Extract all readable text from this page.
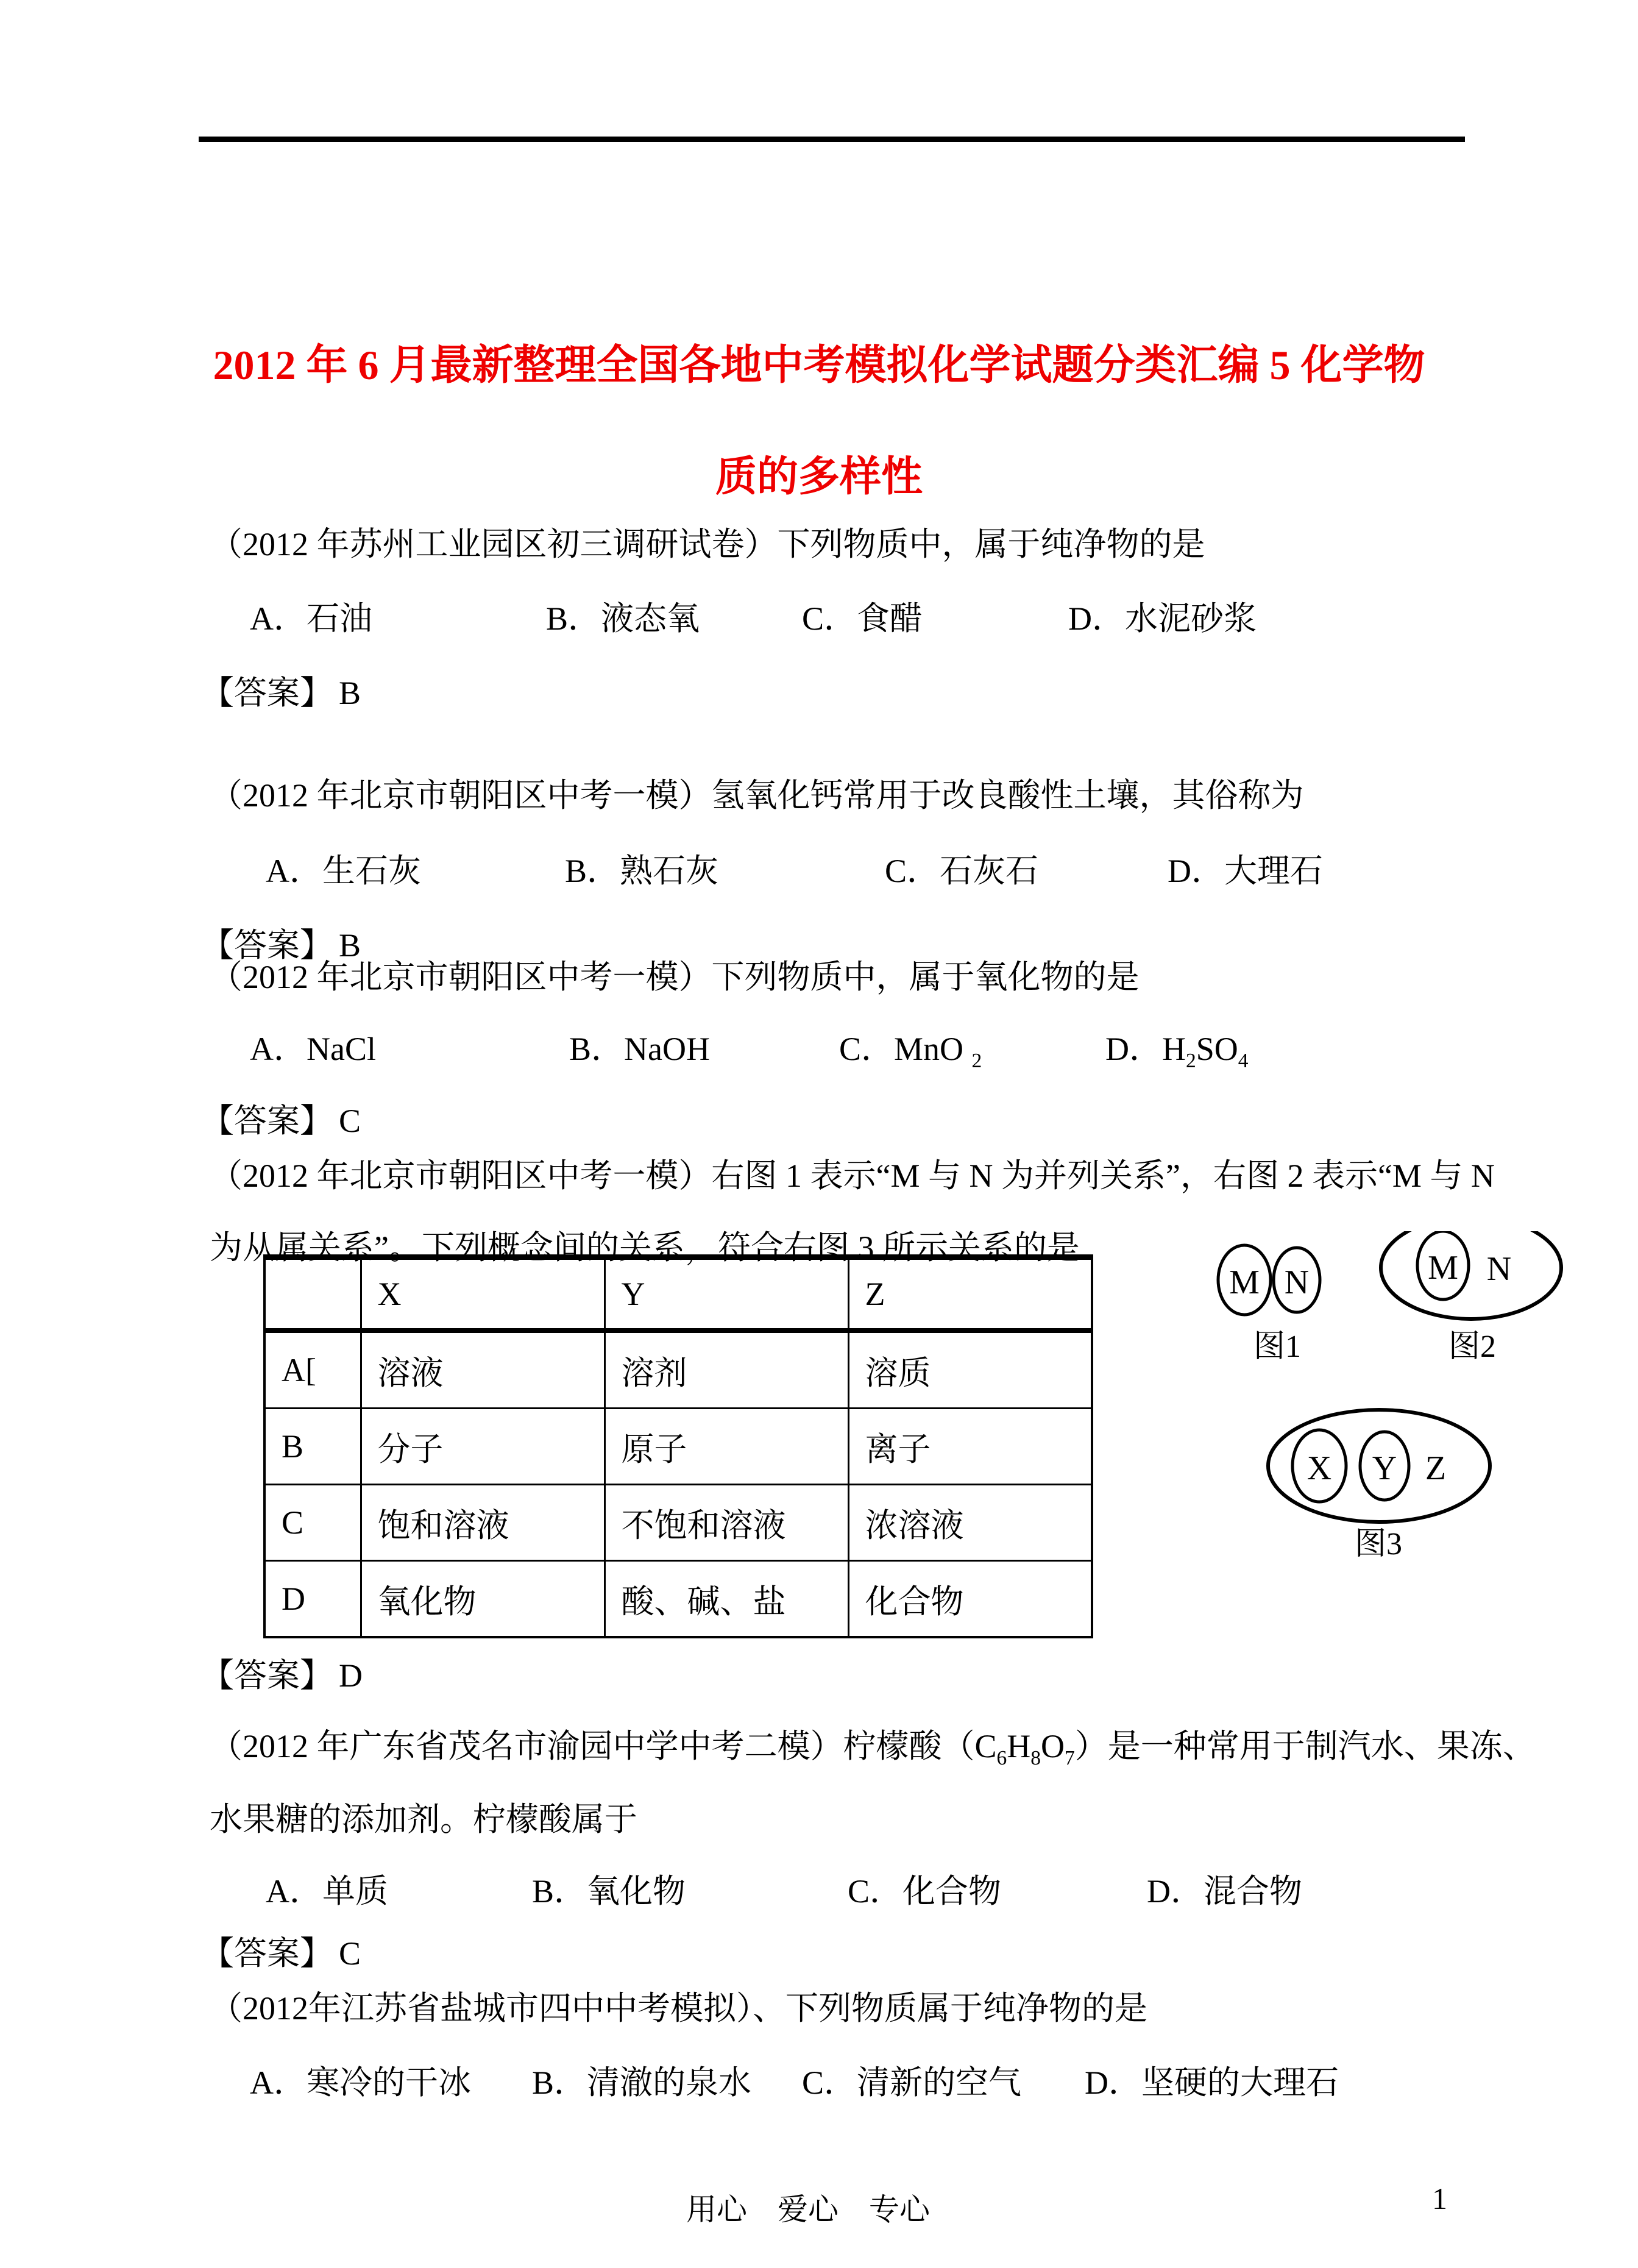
2012 年 6 月最新整理全国各地中考模拟化学试题分类汇编 5 化学物
质的多样性
（2012 年苏州工业园区初三调研试卷）下列物质中，属于纯净物的是
A．石油	B．液态氧	C．食醋	D．水泥砂浆
【答案】 B
（2012 年北京市朝阳区中考一模）氢氧化钙常用于改良酸性土壤，其俗称为
A．生石灰	B．熟石灰	C．石灰石	D．大理石
【答案】 B
（2012 年北京市朝阳区中考一模）下列物质中，属于氧化物的是
A．NaCl	B．NaOH	C．MnO $_2$	D．$H_2SO_4$
【答案】 C
（2012 年北京市朝阳区中考一模）右图 1 表示“M 与 N 为并列关系”，右图 2 表示“M 与 N
为从属关系”。下列概念间的关系，符合右图 3 所示关系的是
	X	Y	Z
A[	溶液	溶剂	溶质
B	分子	原子	离子
C	饱和溶液	不饱和溶液	浓溶液
D	氧化物	酸、碱、盐	化合物
M N
图1
M N
图2
X Y Z
图3
【答案】 D
（2012 年广东省茂名市渝园中学中考二模）柠檬酸$(C_6H_8O_7)$是一种常用于制汽水、果冻、
水果糖的添加剂。柠檬酸属于
A．单质	B．氧化物	C．化合物	D．混合物
【答案】 C
（2012年江苏省盐城市四中中考模拟）、下列物质属于纯净物的是
A．寒冷的干冰 B．清澈的泉水 C．清新的空气 D．坚硬的大理石
用心　爱心　专心	1
